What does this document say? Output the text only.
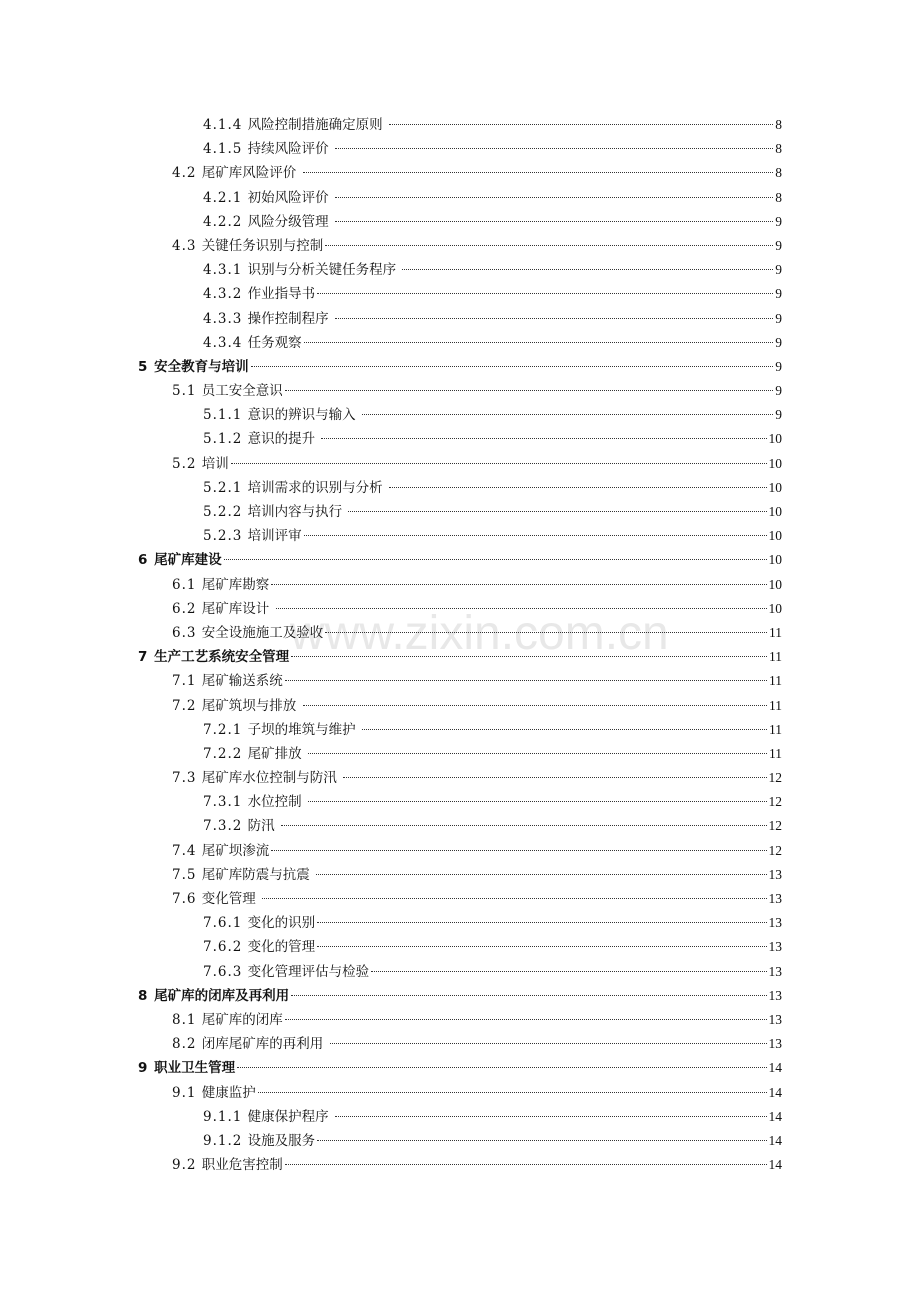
www.zixin.com.cn
4.1.4 风险控制措施确定原则	8
4.1.5 持续风险评价	8
4.2 尾矿库风险评价	8
4.2.1 初始风险评价	8
4.2.2 风险分级管理	9
4.3 关键任务识别与控制	9
4.3.1 识别与分析关键任务程序	9
4.3.2 作业指导书	9
4.3.3 操作控制程序	9
4.3.4 任务观察	9
5 安全教育与培训	9
5.1 员工安全意识	9
5.1.1 意识的辨识与输入	9
5.1.2 意识的提升	10
5.2 培训	10
5.2.1 培训需求的识别与分析	10
5.2.2 培训内容与执行	10
5.2.3 培训评审	10
6 尾矿库建设	10
6.1 尾矿库勘察	10
6.2 尾矿库设计	10
6.3 安全设施施工及验收	11
7 生产工艺系统安全管理	11
7.1 尾矿输送系统	11
7.2 尾矿筑坝与排放	11
7.2.1 子坝的堆筑与维护	11
7.2.2 尾矿排放	11
7.3 尾矿库水位控制与防汛	12
7.3.1 水位控制	12
7.3.2 防汛	12
7.4 尾矿坝渗流	12
7.5 尾矿库防震与抗震	13
7.6 变化管理	13
7.6.1 变化的识别	13
7.6.2 变化的管理	13
7.6.3 变化管理评估与检验	13
8 尾矿库的闭库及再利用	13
8.1 尾矿库的闭库	13
8.2 闭库尾矿库的再利用	13
9 职业卫生管理	14
9.1 健康监护	14
9.1.1 健康保护程序	14
9.1.2 设施及服务	14
9.2 职业危害控制	14
